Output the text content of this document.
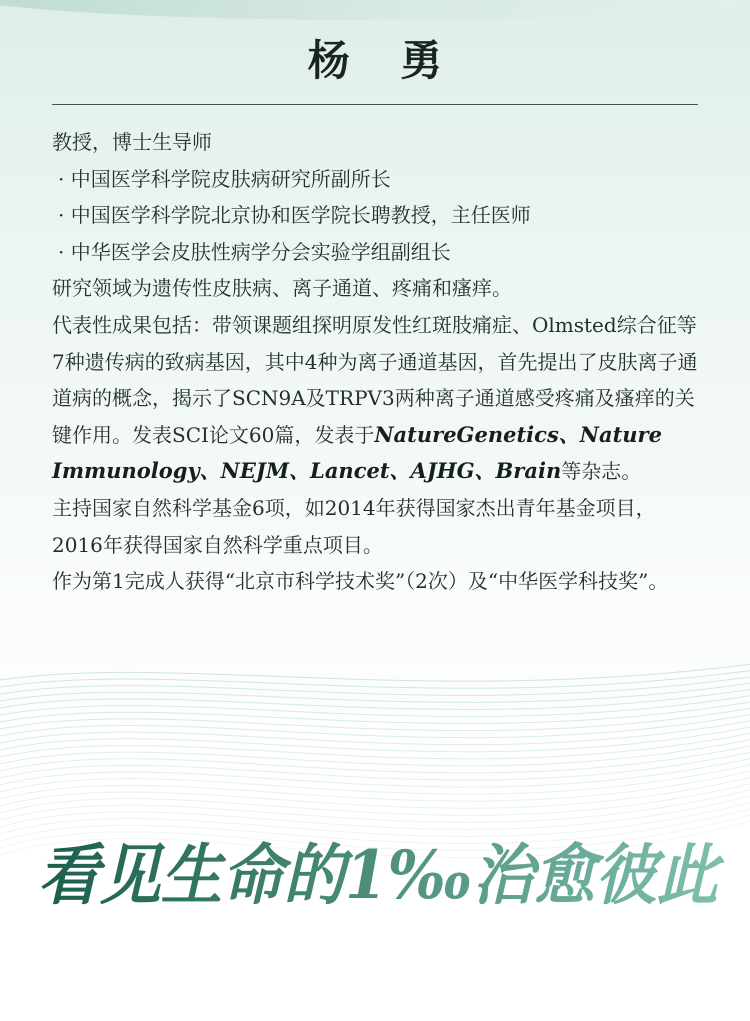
杨 勇

教授，博士生导师

· 中国医学科学院皮肤病研究所副所长

· 中国医学科学院北京协和医学院长聘教授，主任医师

· 中华医学会皮肤性病学分会实验学组副组长

研究领域为遗传性皮肤病、离子通道、疼痛和瘙痒。

代表性成果包括：带领课题组探明原发性红斑肢痛症、Olmsted综合征等7种遗传病的致病基因，其中4种为离子通道基因，首先提出了皮肤离子通道病的概念，揭示了SCN9A及TRPV3两种离子通道感受疼痛及瘙痒的关键作用。发表SCI论文60篇，发表于NatureGenetics、Nature　Immunology、NEJM、Lancet、AJHG、Brain等杂志。

主持国家自然科学基金6项，如2014年获得国家杰出青年基金项目，2016年获得国家自然科学重点项目。

作为第1完成人获得“北京市科学技术奖”（2次）及“中华医学科技奖”。

看见生命的1‰治愈彼此
